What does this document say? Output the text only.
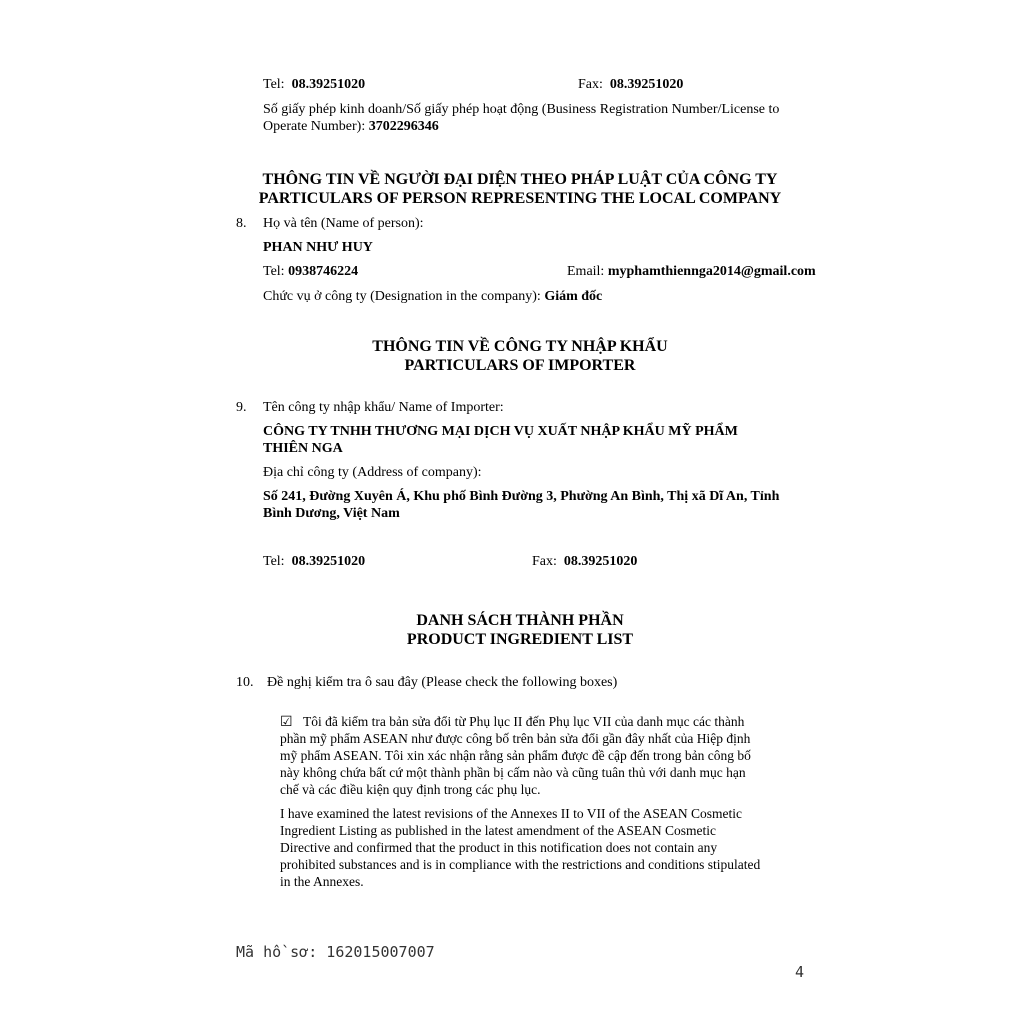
Tel: 08.39251020	Fax: 08.39251020
Số giấy phép kinh doanh/Số giấy phép hoạt động (Business Registration Number/License to
Operate Number): 3702296346
THÔNG TIN VỀ NGƯỜI ĐẠI DIỆN THEO PHÁP LUẬT CỦA CÔNG TY
PARTICULARS OF PERSON REPRESENTING THE LOCAL COMPANY
8. Họ và tên (Name of person):
PHAN NHƯ HUY
Tel: 0938746224	Email: myphamthiennga2014@gmail.com
Chức vụ ở công ty (Designation in the company): Giám đốc
THÔNG TIN VỀ CÔNG TY NHẬP KHẨU
PARTICULARS OF IMPORTER
9. Tên công ty nhập khẩu/ Name of Importer:
CÔNG TY TNHH THƯƠNG MẠI DỊCH VỤ XUẤT NHẬP KHẨU MỸ PHẨM
THIÊN NGA
Địa chỉ công ty (Address of company):
Số 241, Đường Xuyên Á, Khu phố Bình Đường 3, Phường An Bình, Thị xã Dĩ An, Tỉnh
Bình Dương, Việt Nam
Tel: 08.39251020	Fax: 08.39251020
DANH SÁCH THÀNH PHẦN
PRODUCT INGREDIENT LIST
10. Đề nghị kiểm tra ô sau đây (Please check the following boxes)
☑ Tôi đã kiểm tra bản sửa đổi từ Phụ lục II đến Phụ lục VII của danh mục các thành
phần mỹ phẩm ASEAN như được công bố trên bản sửa đổi gần đây nhất của Hiệp định
mỹ phẩm ASEAN. Tôi xin xác nhận rằng sản phẩm được đề cập đến trong bản công bố
này không chứa bất cứ một thành phần bị cấm nào và cũng tuân thủ với danh mục hạn
chế và các điều kiện quy định trong các phụ lục.
I have examined the latest revisions of the Annexes II to VII of the ASEAN Cosmetic
Ingredient Listing as published in the latest amendment of the ASEAN Cosmetic
Directive and confirmed that the product in this notification does not contain any
prohibited substances and is in compliance with the restrictions and conditions stipulated
in the Annexes.
Mã hồ sơ: 162015007007
4
